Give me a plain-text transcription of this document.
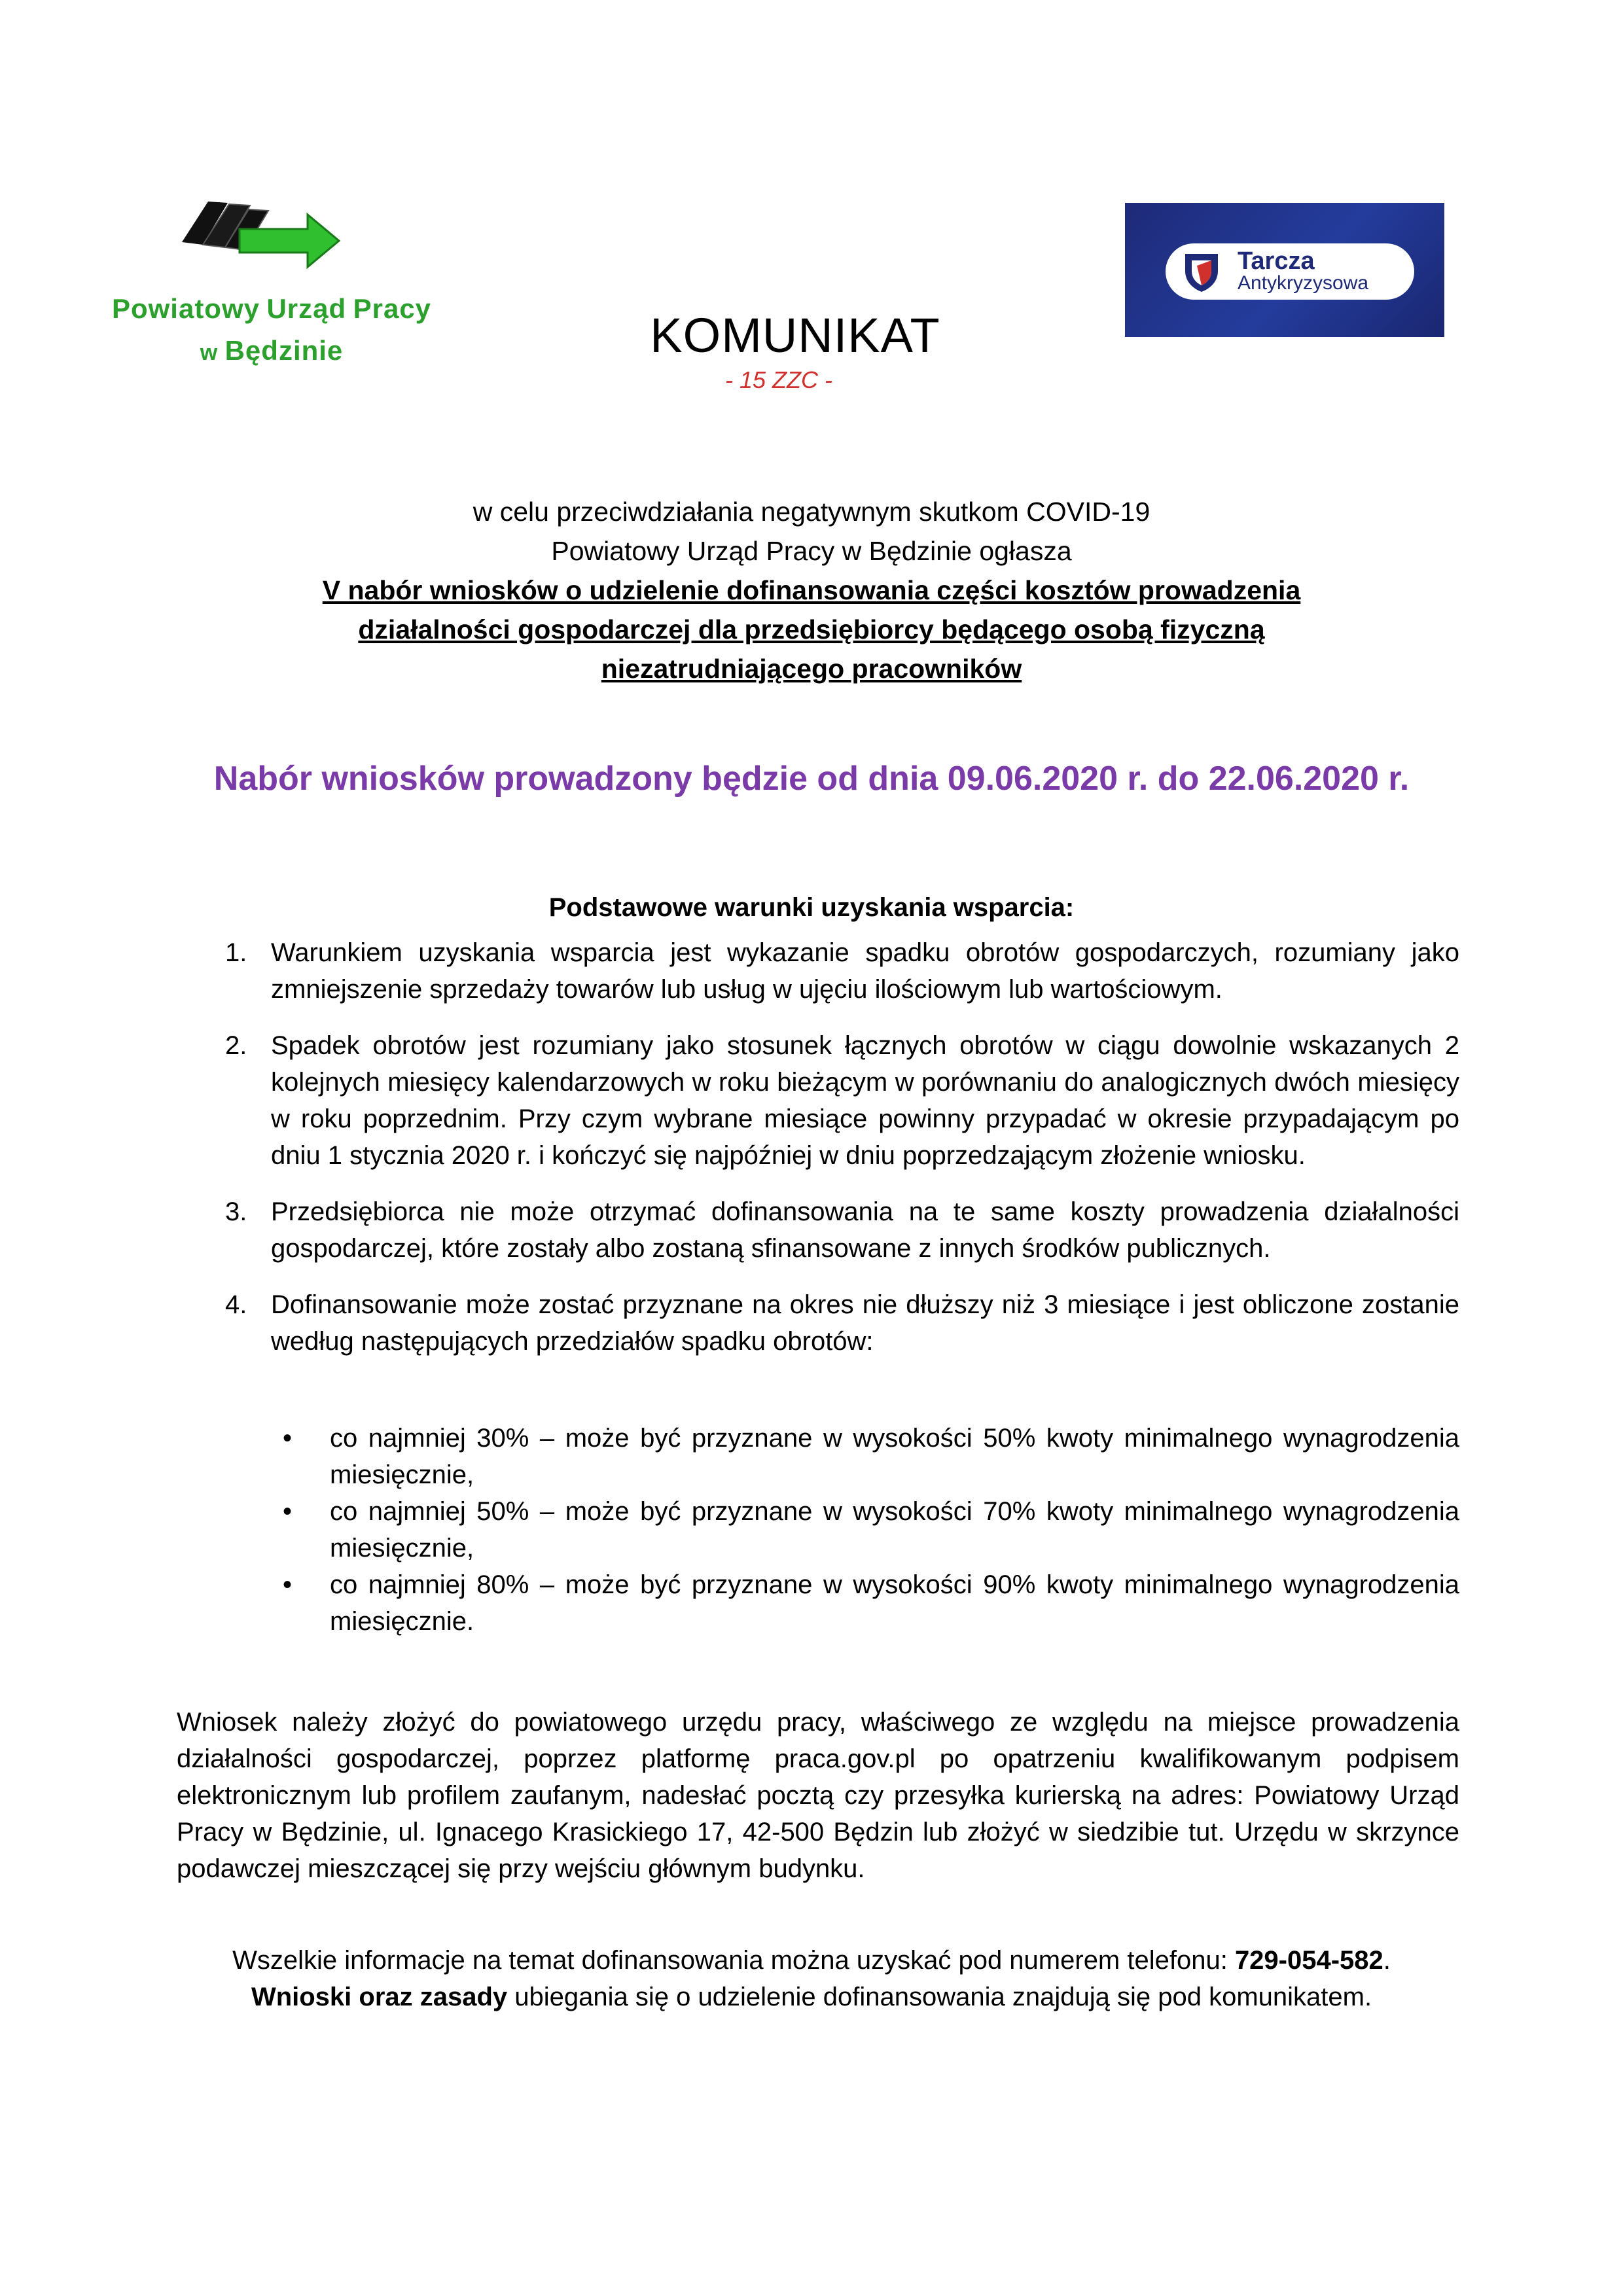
Powiatowy Urząd Pracy
w Będzinie
Tarcza
Antykryzysowa
KOMUNIKAT
- 15 ZZC -
w celu przeciwdziałania negatywnym skutkom COVID-19
Powiatowy Urząd Pracy w Będzinie ogłasza
V nabór wniosków o udzielenie dofinansowania części kosztów prowadzenia
działalności gospodarczej dla przedsiębiorcy będącego osobą fizyczną
niezatrudniającego pracowników
Nabór wniosków prowadzony będzie od dnia 09.06.2020 r. do 22.06.2020 r.
Podstawowe warunki uzyskania wsparcia:
1. Warunkiem uzyskania wsparcia jest wykazanie spadku obrotów gospodarczych, rozumiany jako zmniejszenie sprzedaży towarów lub usług w ujęciu ilościowym lub wartościowym.
2. Spadek obrotów jest rozumiany jako stosunek łącznych obrotów w ciągu dowolnie wskazanych 2 kolejnych miesięcy kalendarzowych w roku bieżącym w porównaniu do analogicznych dwóch miesięcy w roku poprzednim. Przy czym wybrane miesiące powinny przypadać w okresie przypadającym po dniu 1 stycznia 2020 r. i kończyć się najpóźniej w dniu poprzedzającym złożenie wniosku.
3. Przedsiębiorca nie może otrzymać dofinansowania na te same koszty prowadzenia działalności gospodarczej, które zostały albo zostaną sfinansowane z innych środków publicznych.
4. Dofinansowanie może zostać przyznane na okres nie dłuższy niż 3 miesiące i jest obliczone zostanie według następujących przedziałów spadku obrotów:
• co najmniej 30% – może być przyznane w wysokości 50% kwoty minimalnego wynagrodzenia miesięcznie,
• co najmniej 50% – może być przyznane w wysokości 70% kwoty minimalnego wynagrodzenia miesięcznie,
• co najmniej 80% – może być przyznane w wysokości 90% kwoty minimalnego wynagrodzenia miesięcznie.
Wniosek należy złożyć do powiatowego urzędu pracy, właściwego ze względu na miejsce prowadzenia działalności gospodarczej, poprzez platformę praca.gov.pl po opatrzeniu kwalifikowanym podpisem elektronicznym lub profilem zaufanym, nadesłać pocztą czy przesyłka kurierską na adres: Powiatowy Urząd Pracy w Będzinie, ul. Ignacego Krasickiego 17, 42-500 Będzin lub złożyć w siedzibie tut. Urzędu w skrzynce podawczej mieszczącej się przy wejściu głównym budynku.
Wszelkie informacje na temat dofinansowania można uzyskać pod numerem telefonu: 729-054-582.
Wnioski oraz zasady ubiegania się o udzielenie dofinansowania znajdują się pod komunikatem.
